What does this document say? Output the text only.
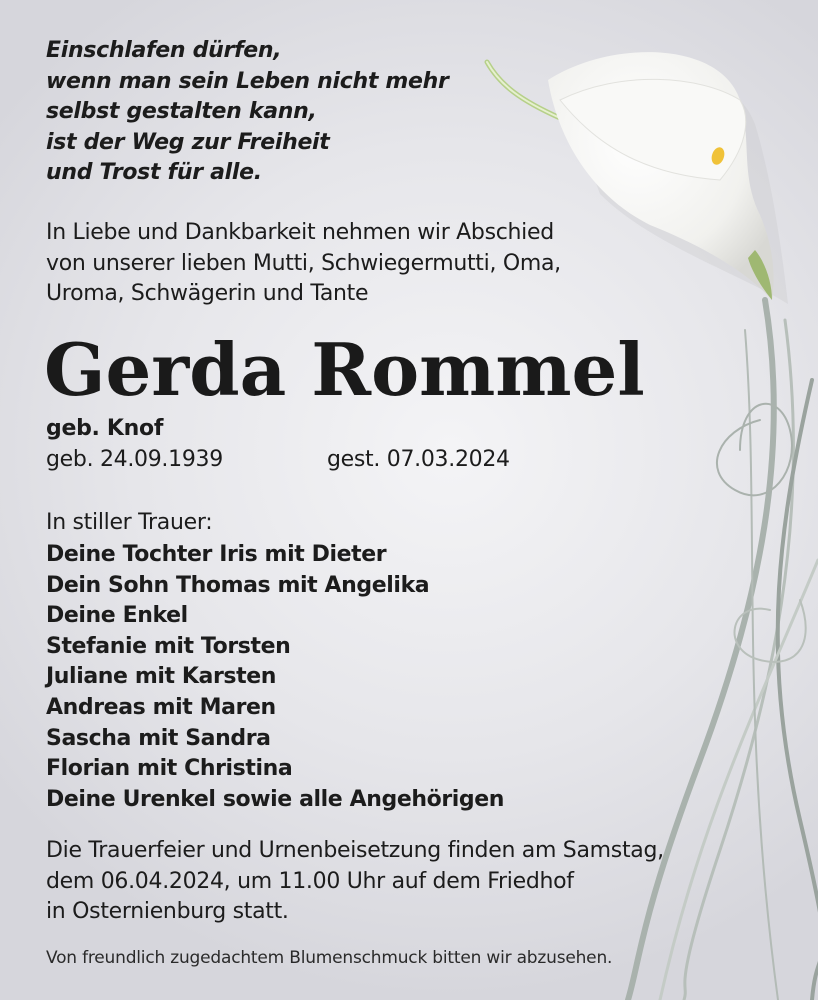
Einschlafen dürfen,
wenn man sein Leben nicht mehr
selbst gestalten kann,
ist der Weg zur Freiheit
und Trost für alle.

In Liebe und Dankbarkeit nehmen wir Abschied
von unserer lieben Mutti, Schwiegermutti, Oma,
Uroma, Schwägerin und Tante

Gerda Rommel

geb. Knof

geb. 24.09.1939	gest. 07.03.2024

In stiller Trauer:

Deine Tochter Iris mit Dieter
Dein Sohn Thomas mit Angelika
Deine Enkel
Stefanie mit Torsten
Juliane mit Karsten
Andreas mit Maren
Sascha mit Sandra
Florian mit Christina
Deine Urenkel sowie alle Angehörigen

Die Trauerfeier und Urnenbeisetzung finden am Samstag,
dem 06.04.2024, um 11.00 Uhr auf dem Friedhof
in Osternienburg statt.

Von freundlich zugedachtem Blumenschmuck bitten wir abzusehen.
